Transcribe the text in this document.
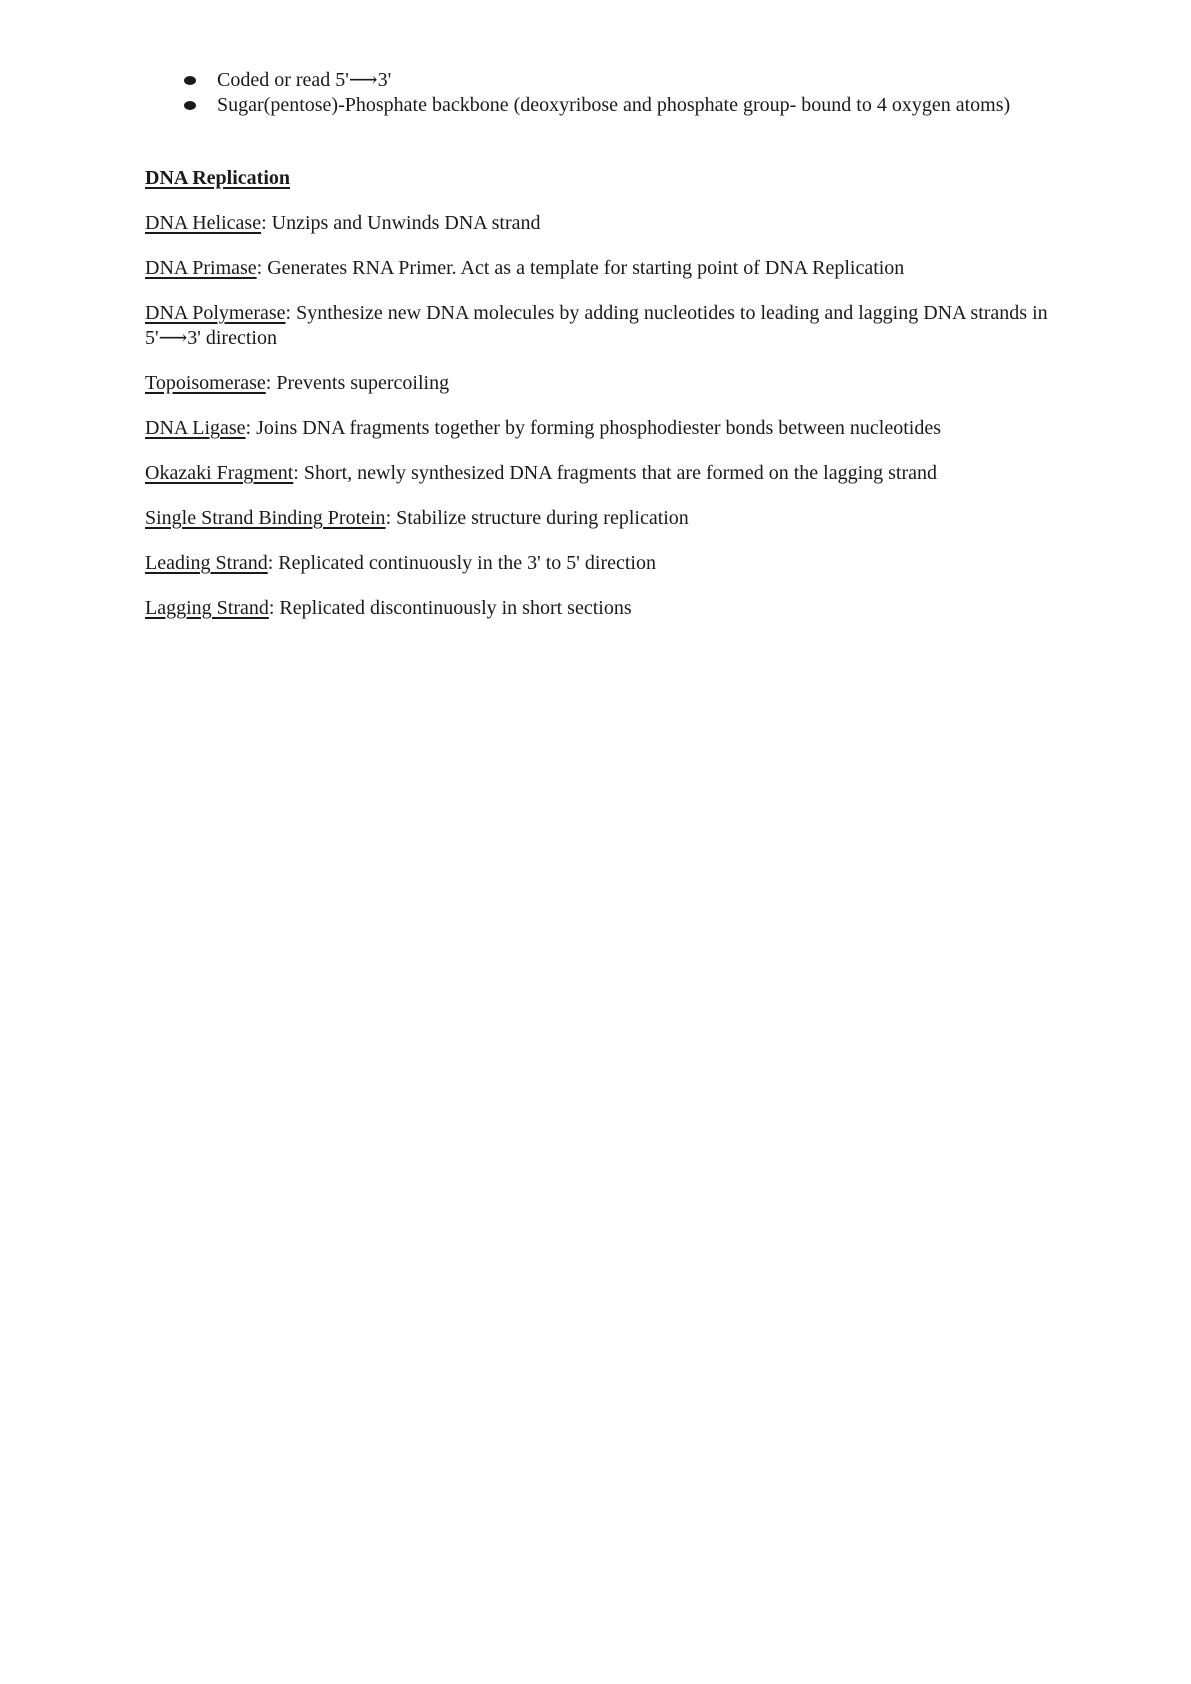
Coded or read 5'⟶3'
Sugar(pentose)-Phosphate backbone (deoxyribose and phosphate group- bound to 4 oxygen atoms)
DNA Replication

DNA Helicase: Unzips and Unwinds DNA strand

DNA Primase: Generates RNA Primer. Act as a template for starting point of DNA Replication

DNA Polymerase: Synthesize new DNA molecules by adding nucleotides to leading and lagging DNA strands in 5'⟶3' direction

Topoisomerase: Prevents supercoiling

DNA Ligase: Joins DNA fragments together by forming phosphodiester bonds between nucleotides

Okazaki Fragment: Short, newly synthesized DNA fragments that are formed on the lagging strand

Single Strand Binding Protein: Stabilize structure during replication

Leading Strand: Replicated continuously in the 3' to 5' direction

Lagging Strand: Replicated discontinuously in short sections
